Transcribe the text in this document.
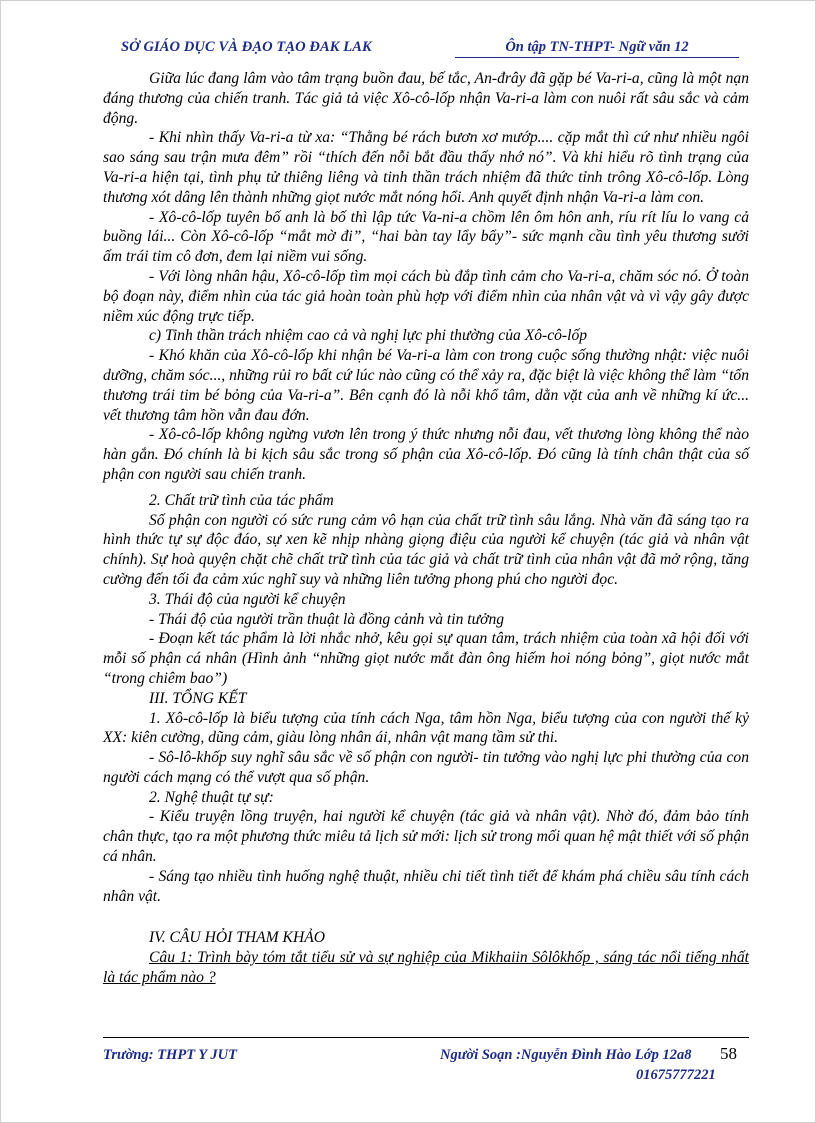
SỞ GIÁO DỤC VÀ ĐẠO TẠO ĐAK LAK	Ôn tập TN-THPT- Ngữ văn 12

Giữa lúc đang lâm vào tâm trạng buồn đau, bế tắc, An-đrây đã gặp bé Va-ri-a, cũng là một nạn đáng thương của chiến tranh. Tác giả tả việc Xô-cô-lốp nhận Va-ri-a làm con nuôi rất sâu sắc và cảm động.

- Khi nhìn thấy Va-ri-a từ xa: “Thằng bé rách bươn xơ mướp.... cặp mắt thì cứ như nhiều ngôi sao sáng sau trận mưa đêm” rồi “thích đến nỗi bắt đầu thấy nhớ nó”. Và khi hiểu rõ tình trạng của Va-ri-a hiện tại, tình phụ tử thiêng liêng và tinh thần trách nhiệm đã thức tỉnh trông Xô-cô-lốp. Lòng thương xót dâng lên thành những giọt nước mắt nóng hổi. Anh quyết định nhận Va-ri-a làm con.

- Xô-cô-lốp tuyên bố anh là bố thì lập tức Va-ni-a chồm lên ôm hôn anh, ríu rít líu lo vang cả buồng lái... Còn Xô-cô-lốp “mắt mờ đi”, “hai bàn tay lẩy bẩy”- sức mạnh cầu tình yêu thương sưởi ấm trái tim cô đơn, đem lại niềm vui sống.

- Với lòng nhân hậu, Xô-cô-lốp tìm mọi cách bù đắp tình cảm cho Va-ri-a, chăm sóc nó. Ở toàn bộ đoạn này, điểm nhìn của tác giả hoàn toàn phù hợp với điểm nhìn của nhân vật và vì vậy gây được niềm xúc động trực tiếp.

c) Tinh thần trách nhiệm cao cả và nghị lực phi thường của Xô-cô-lốp

- Khó khăn của Xô-cô-lốp khi nhận bé Va-ri-a làm con trong cuộc sống thường nhật: việc nuôi dưỡng, chăm sóc..., những rủi ro bất cứ lúc nào cũng có thể xảy ra, đặc biệt là việc không thể làm “tổn thương trái tim bé bỏng của Va-ri-a”. Bên cạnh đó là nỗi khổ tâm, dằn vặt của anh về những kí ức... vết thương tâm hồn vẫn đau đớn.

- Xô-cô-lốp không ngừng vươn lên trong ý thức nhưng nỗi đau, vết thương lòng không thể nào hàn gắn. Đó chính là bi kịch sâu sắc trong số phận của Xô-cô-lốp. Đó cũng là tính chân thật của số phận con người sau chiến tranh.

2. Chất trữ tình của tác phẩm

Số phận con người có sức rung cảm vô hạn của chất trữ tình sâu lắng. Nhà văn đã sáng tạo ra hình thức tự sự độc đáo, sự xen kẽ nhịp nhàng giọng điệu của người kể chuyện (tác giả và nhân vật chính). Sự hoà quyện chặt chẽ chất trữ tình của tác giả và chất trữ tình của nhân vật đã mở rộng, tăng cường đến tối đa cảm xúc nghĩ suy và những liên tưởng phong phú cho người đọc.

3. Thái độ của người kể chuyện

- Thái độ của người trần thuật là đồng cảnh và tin tưởng

- Đoạn kết tác phẩm là lời nhắc nhở, kêu gọi sự quan tâm, trách nhiệm của toàn xã hội đối với mỗi số phận cá nhân (Hình ảnh “những giọt nước mắt đàn ông hiếm hoi nóng bỏng”, giọt nước mắt “trong chiêm bao”)

III. TỔNG KẾT

1. Xô-cô-lốp là biểu tượng của tính cách Nga, tâm hồn Nga, biểu tượng của con người thế kỷ XX: kiên cường, dũng cảm, giàu lòng nhân ái, nhân vật mang tầm sử thi.

- Sô-lô-khốp suy nghĩ sâu sắc về số phận con người- tin tưởng vào nghị lực phi thường của con người cách mạng có thể vượt qua số phận.

2. Nghệ thuật tự sự:

- Kiểu truyện lồng truyện, hai người kể chuyện (tác giả và nhân vật). Nhờ đó, đảm bảo tính chân thực, tạo ra một phương thức miêu tả lịch sử mới: lịch sử trong mối quan hệ mật thiết với số phận cá nhân.

- Sáng tạo nhiều tình huống nghệ thuật, nhiều chi tiết tình tiết để khám phá chiều sâu tính cách nhân vật.

IV. CÂU HỎI THAM KHẢO

Câu 1: Trình bày tóm tắt tiểu sử và sự nghiệp của Mikhaiin Sôlôkhốp , sáng tác nổi tiếng nhất là tác phẩm nào ?

Trường: THPT Y JUT	Người Soạn :Nguyễn Đình Hào Lớp 12a8
01675777221
58
